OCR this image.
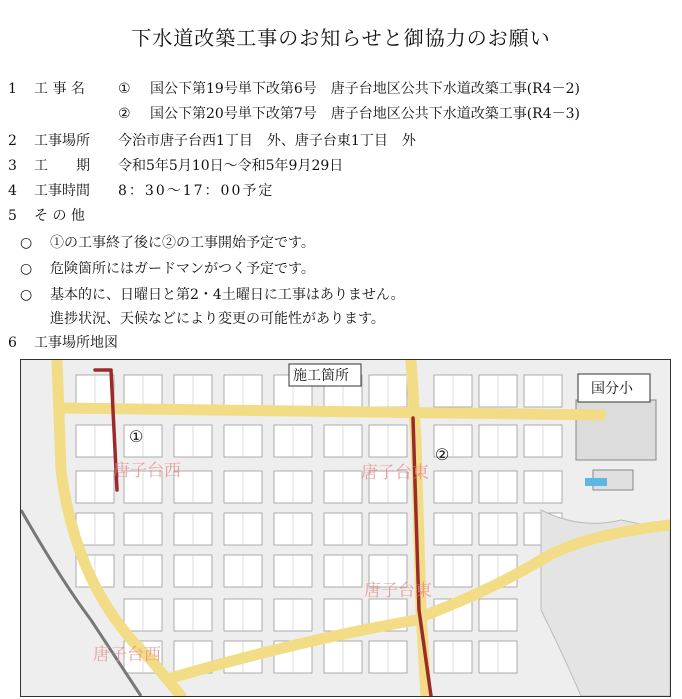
下水道改築工事のお知らせと御協力のお願い
1 工 事 名 ① 国公下第19号単下改第6号　唐子台地区公共下水道改築工事(R4－2)
② 国公下第20号単下改第7号　唐子台地区公共下水道改築工事(R4－3)
2 工事場所 今治市唐子台西1丁目　外、唐子台東1丁目　外
3 工　　期 令和5年5月10日～令和5年9月29日
4 工事時間 8：30～17：00予定
5 そ の 他
○ ①の工事終了後に②の工事開始予定です。
○ 危険箇所にはガードマンがつく予定です。
○ 基本的に、日曜日と第2・4土曜日に工事はありません。
進捗状況、天候などにより変更の可能性があります。
6 工事場所地図
唐子台西	唐子台東
唐子台東
唐子台西
施工箇所
国分小
①
②
